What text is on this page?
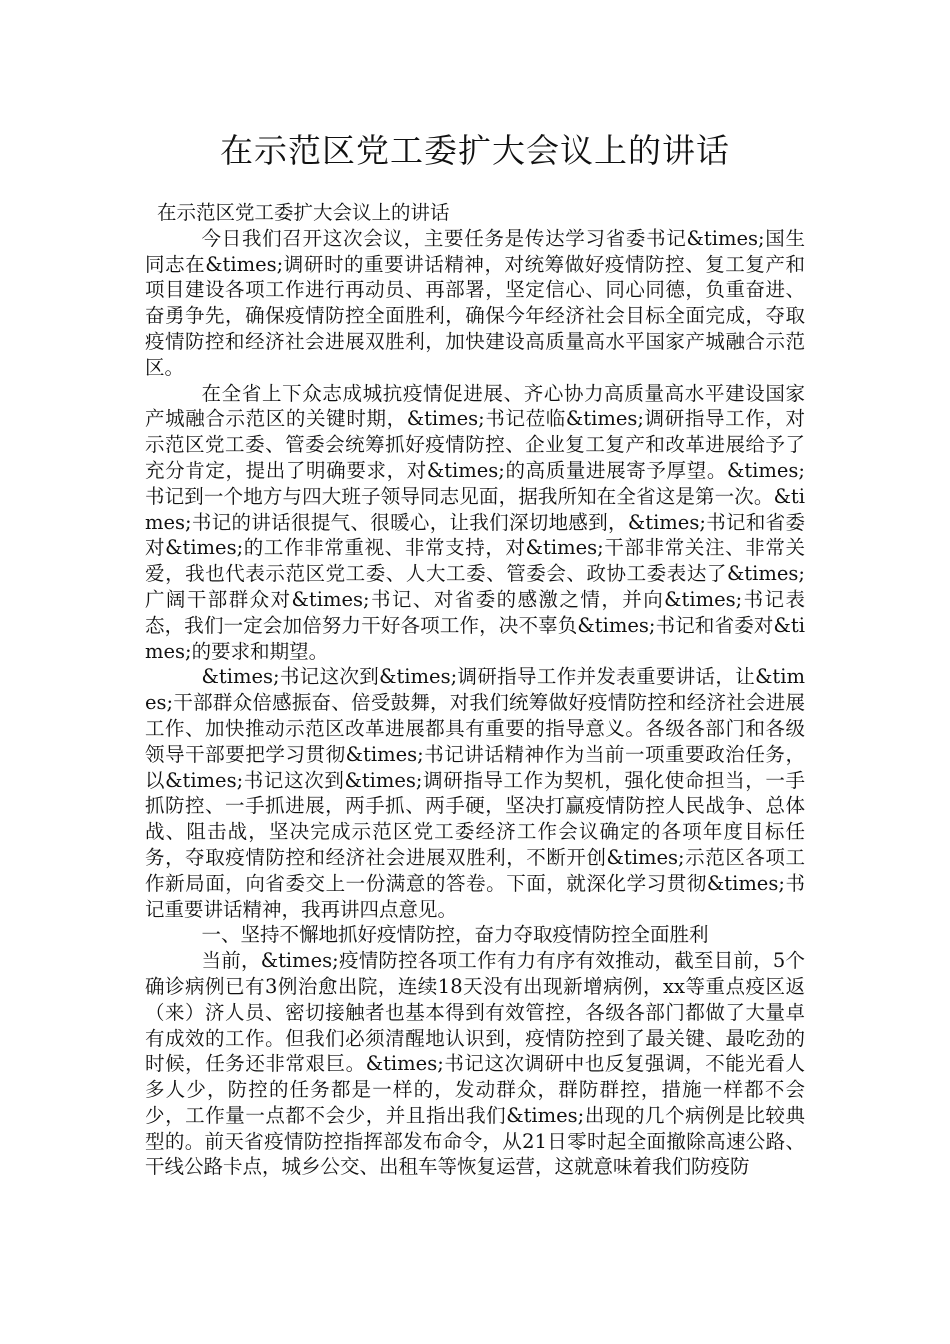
在示范区党工委扩大会议上的讲话

在示范区党工委扩大会议上的讲话

今日我们召开这次会议，主要任务是传达学习省委书记&times;国生同志在&times;调研时的重要讲话精神，对统筹做好疫情防控、复工复产和项目建设各项工作进行再动员、再部署，坚定信心、同心同德，负重奋进、奋勇争先，确保疫情防控全面胜利，确保今年经济社会目标全面完成，夺取疫情防控和经济社会进展双胜利，加快建设高质量高水平国家产城融合示范区。

在全省上下众志成城抗疫情促进展、齐心协力高质量高水平建设国家产城融合示范区的关键时期，&times;书记莅临&times;调研指导工作，对示范区党工委、管委会统筹抓好疫情防控、企业复工复产和改革进展给予了充分肯定，提出了明确要求，对&times;的高质量进展寄予厚望。&times;书记到一个地方与四大班子领导同志见面，据我所知在全省这是第一次。&times;书记的讲话很提气、很暖心，让我们深切地感到，&times;书记和省委对&times;的工作非常重视、非常支持，对&times;干部非常关注、非常关爱，我也代表示范区党工委、人大工委、管委会、政协工委表达了&times;广阔干部群众对&times;书记、对省委的感激之情，并向&times;书记表态，我们一定会加倍努力干好各项工作，决不辜负&times;书记和省委对&times;的要求和期望。

&times;书记这次到&times;调研指导工作并发表重要讲话，让&times;干部群众倍感振奋、倍受鼓舞，对我们统筹做好疫情防控和经济社会进展工作、加快推动示范区改革进展都具有重要的指导意义。各级各部门和各级领导干部要把学习贯彻&times;书记讲话精神作为当前一项重要政治任务，以&times;书记这次到&times;调研指导工作为契机，强化使命担当，一手抓防控、一手抓进展，两手抓、两手硬，坚决打赢疫情防控人民战争、总体战、阻击战，坚决完成示范区党工委经济工作会议确定的各项年度目标任务，夺取疫情防控和经济社会进展双胜利，不断开创&times;示范区各项工作新局面，向省委交上一份满意的答卷。下面，就深化学习贯彻&times;书记重要讲话精神，我再讲四点意见。

一、坚持不懈地抓好疫情防控，奋力夺取疫情防控全面胜利

当前，&times;疫情防控各项工作有力有序有效推动，截至目前，5个确诊病例已有3例治愈出院，连续18天没有出现新增病例，xx等重点疫区返（来）济人员、密切接触者也基本得到有效管控，各级各部门都做了大量卓有成效的工作。但我们必须清醒地认识到，疫情防控到了最关键、最吃劲的时候，任务还非常艰巨。&times;书记这次调研中也反复强调，不能光看人多人少，防控的任务都是一样的，发动群众，群防群控，措施一样都不会少，工作量一点都不会少，并且指出我们&times;出现的几个病例是比较典型的。前天省疫情防控指挥部发布命令，从21日零时起全面撤除高速公路、干线公路卡点，城乡公交、出租车等恢复运营，这就意味着我们防疫防
